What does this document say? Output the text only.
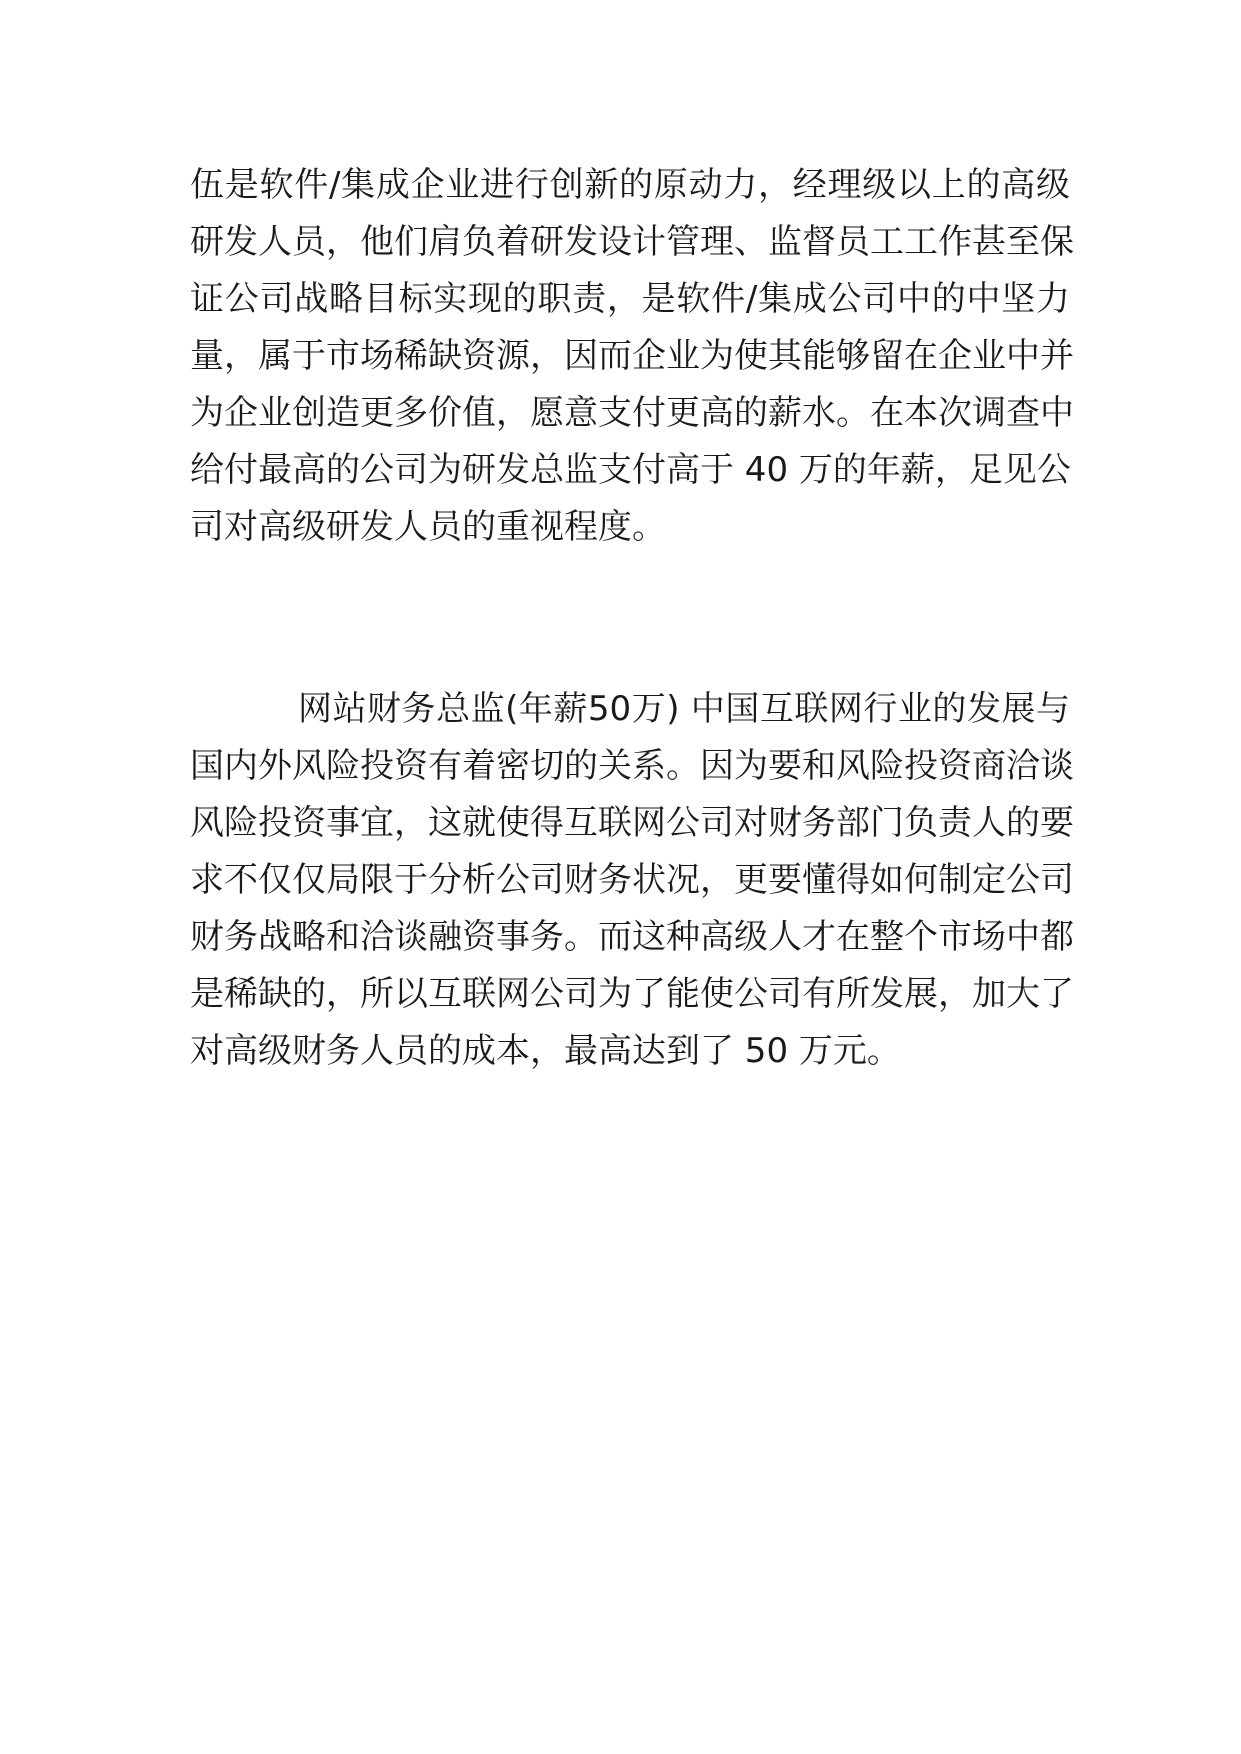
伍是软件/集成企业进行创新的原动力，经理级以上的高级
研发人员，他们肩负着研发设计管理、监督员工工作甚至保
证公司战略目标实现的职责，是软件/集成公司中的中坚力
量，属于市场稀缺资源，因而企业为使其能够留在企业中并
为企业创造更多价值，愿意支付更高的薪水。在本次调查中
给付最高的公司为研发总监支付高于 40 万的年薪，足见公
司对高级研发人员的重视程度。
网站财务总监(年薪50万) 中国互联网行业的发展与
国内外风险投资有着密切的关系。因为要和风险投资商洽谈
风险投资事宜，这就使得互联网公司对财务部门负责人的要
求不仅仅局限于分析公司财务状况，更要懂得如何制定公司
财务战略和洽谈融资事务。而这种高级人才在整个市场中都
是稀缺的，所以互联网公司为了能使公司有所发展，加大了
对高级财务人员的成本，最高达到了 50 万元。
